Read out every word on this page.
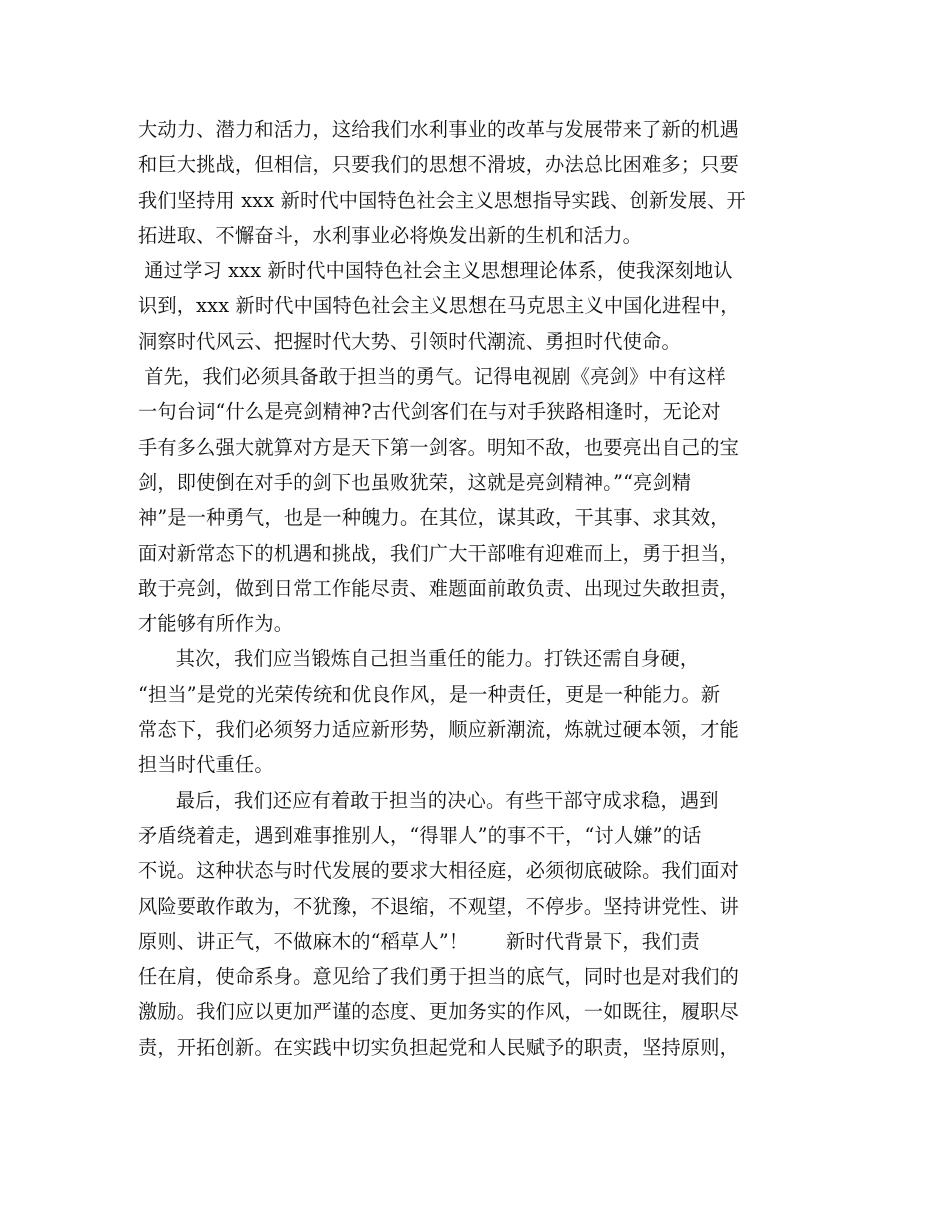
大动力、潜力和活力，这给我们水利事业的改革与发展带来了新的机遇
和巨大挑战，但相信，只要我们的思想不滑坡，办法总比困难多；只要
我们坚持用 xxx 新时代中国特色社会主义思想指导实践、创新发展、开
拓进取、不懈奋斗，水利事业必将焕发出新的生机和活力。
通过学习 xxx 新时代中国特色社会主义思想理论体系，使我深刻地认
识到，xxx 新时代中国特色社会主义思想在马克思主义中国化进程中，
洞察时代风云、把握时代大势、引领时代潮流、勇担时代使命。
首先，我们必须具备敢于担当的勇气。记得电视剧《亮剑》中有这样
一句台词“什么是亮剑精神?古代剑客们在与对手狭路相逢时，无论对
手有多么强大就算对方是天下第一剑客。明知不敌，也要亮出自己的宝
剑，即使倒在对手的剑下也虽败犹荣，这就是亮剑精神。”“亮剑精
神”是一种勇气，也是一种魄力。在其位，谋其政，干其事、求其效，
面对新常态下的机遇和挑战，我们广大干部唯有迎难而上，勇于担当，
敢于亮剑，做到日常工作能尽责、难题面前敢负责、出现过失敢担责，
才能够有所作为。
其次，我们应当锻炼自己担当重任的能力。打铁还需自身硬，
“担当”是党的光荣传统和优良作风，是一种责任，更是一种能力。新
常态下，我们必须努力适应新形势，顺应新潮流，炼就过硬本领，才能
担当时代重任。
最后，我们还应有着敢于担当的决心。有些干部守成求稳，遇到
矛盾绕着走，遇到难事推别人，“得罪人”的事不干，“讨人嫌”的话
不说。这种状态与时代发展的要求大相径庭，必须彻底破除。我们面对
风险要敢作敢为，不犹豫，不退缩，不观望，不停步。坚持讲党性、讲
原则、讲正气，不做麻木的“稻草人”！      新时代背景下，我们责
任在肩，使命系身。意见给了我们勇于担当的底气，同时也是对我们的
激励。我们应以更加严谨的态度、更加务实的作风，一如既往，履职尽
责，开拓创新。在实践中切实负担起党和人民赋予的职责，坚持原则，
